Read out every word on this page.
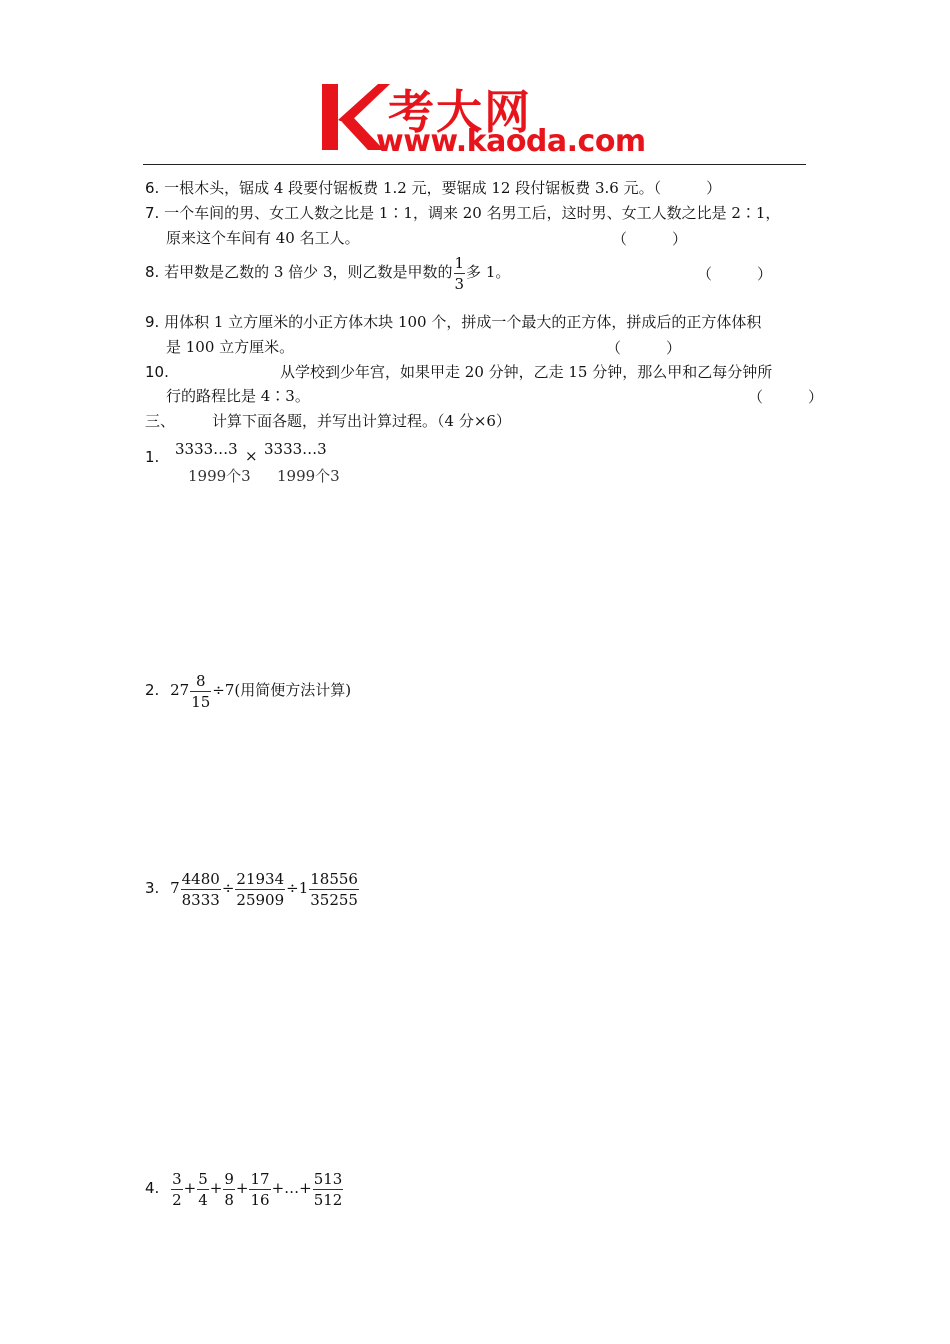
考大网
www.kaoda.com
6. 一根木头，锯成 4 段要付锯板费 1.2 元，要锯成 12 段付锯板费 3.6 元。（　　　）
7. 一个车间的男、女工人数之比是 1∶1，调来 20 名男工后，这时男、女工人数之比是 2∶1，
原来这个车间有 40 名工人。	（　　　）
8. 若甲数是乙数的 3 倍少 3，则乙数是甲数的 $\frac{1}{3}$ 多 1。	（　　　）
9. 用体积 1 立方厘米的小正方体木块 100 个，拼成一个最大的正方体，拼成后的正方体体积
是 100 立方厘米。	（　　　）
10.	从学校到少年宫，如果甲走 20 分钟，乙走 15 分钟，那么甲和乙每分钟所
行的路程比是 4∶3。	（　　　）
三、 计算下面各题，并写出计算过程。（4 分×6）
1. 3333…3
1999个3
× 3333…3
1999个3
2. $27 \frac{8}{15} \div 7$(用简便方法计算)
3. $7 \frac{4480}{8333} \div \frac{21934}{25909} \div 1 \frac{18556}{35255}$
4. $\frac{3}{2} + \frac{5}{4} + \frac{9}{8} + \frac{17}{16}$ +…+ $\frac{513}{512}$
